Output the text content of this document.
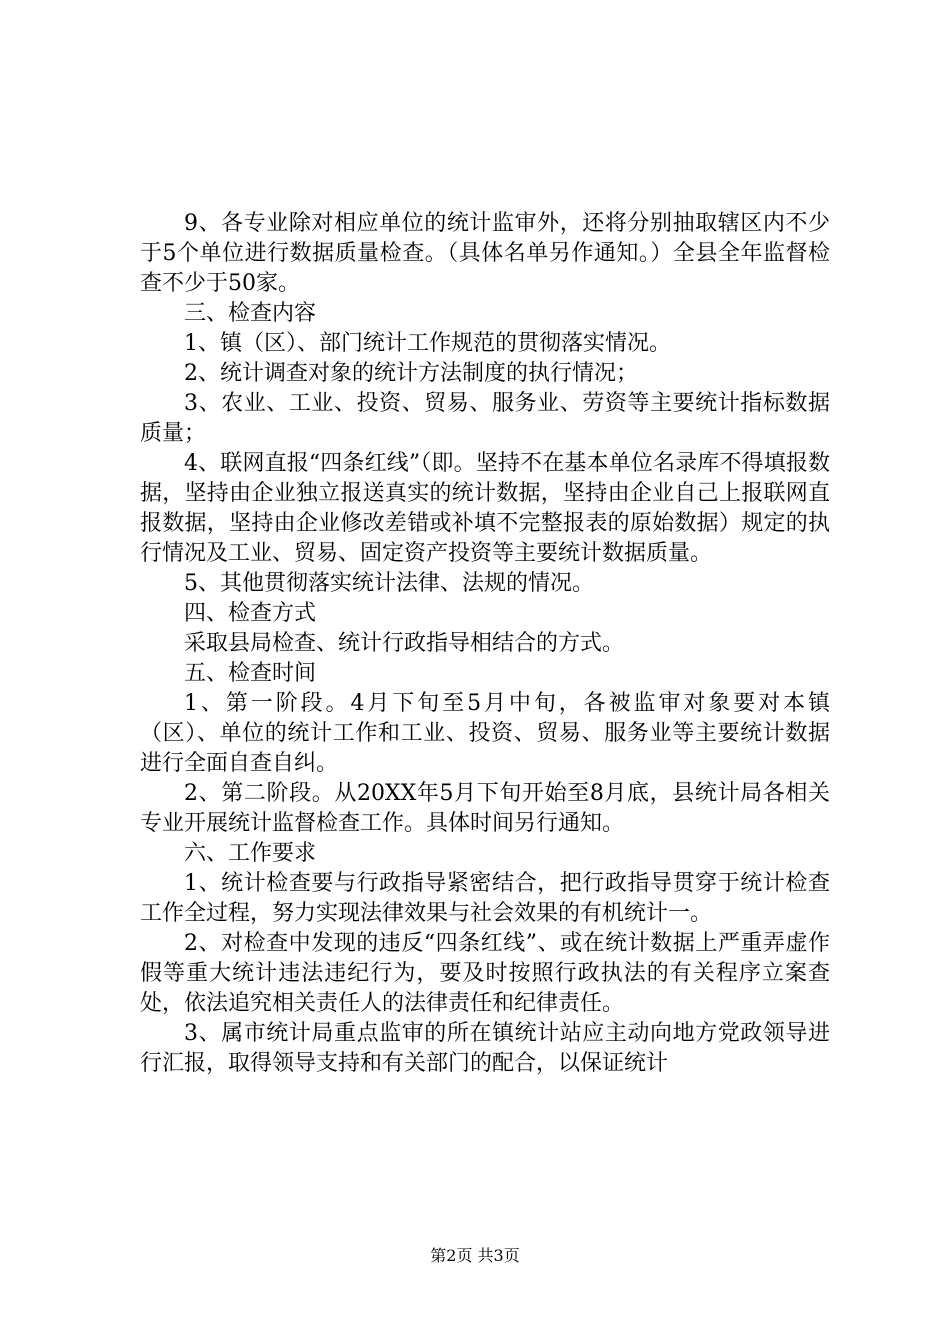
9、各专业除对相应单位的统计监审外，还将分别抽取辖区内不少于5个单位进行数据质量检查。（具体名单另作通知。）全县全年监督检查不少于50家。

三、检查内容

1、镇（区）、部门统计工作规范的贯彻落实情况。

2、统计调查对象的统计方法制度的执行情况；

3、农业、工业、投资、贸易、服务业、劳资等主要统计指标数据质量；

4、联网直报“四条红线”（即。坚持不在基本单位名录库不得填报数据，坚持由企业独立报送真实的统计数据，坚持由企业自己上报联网直报数据，坚持由企业修改差错或补填不完整报表的原始数据）规定的执行情况及工业、贸易、固定资产投资等主要统计数据质量。

5、其他贯彻落实统计法律、法规的情况。

四、检查方式

采取县局检查、统计行政指导相结合的方式。

五、检查时间

1、第一阶段。4月下旬至5月中旬，各被监审对象要对本镇（区）、单位的统计工作和工业、投资、贸易、服务业等主要统计数据进行全面自查自纠。

2、第二阶段。从20XX年5月下旬开始至8月底，县统计局各相关专业开展统计监督检查工作。具体时间另行通知。

六、工作要求

1、统计检查要与行政指导紧密结合，把行政指导贯穿于统计检查工作全过程，努力实现法律效果与社会效果的有机统计一。

2、对检查中发现的违反“四条红线”、或在统计数据上严重弄虚作假等重大统计违法违纪行为，要及时按照行政执法的有关程序立案查处，依法追究相关责任人的法律责任和纪律责任。

3、属市统计局重点监审的所在镇统计站应主动向地方党政领导进行汇报，取得领导支持和有关部门的配合，以保证统计

第2页 共3页
